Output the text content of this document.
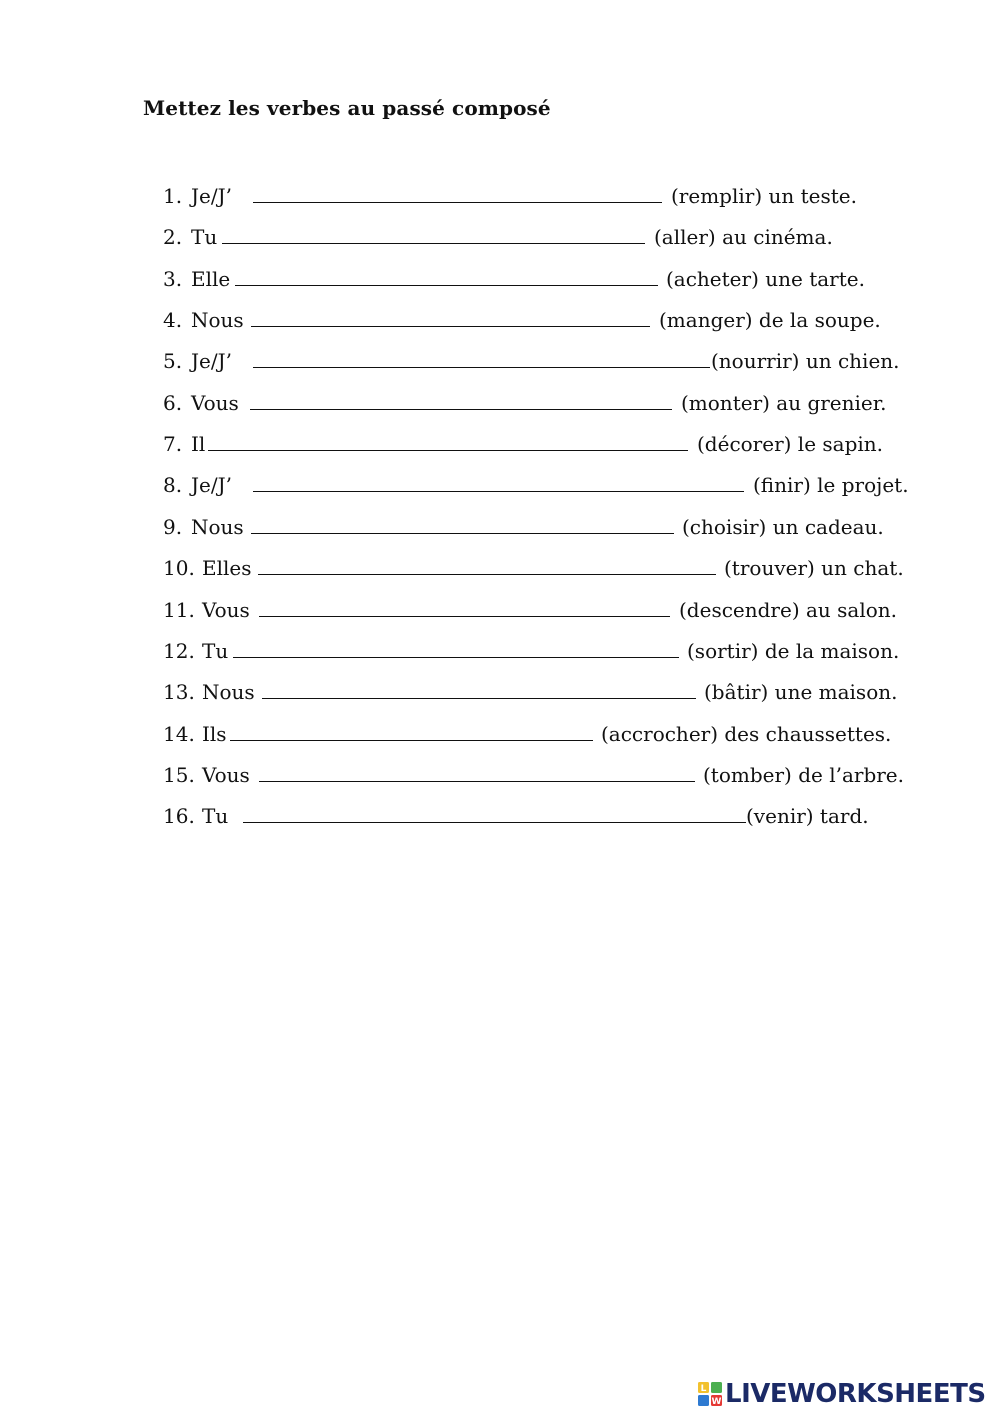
Mettez les verbes au passé composé
1. Je/J’	(remplir) un teste.
2. Tu	(aller) au cinéma.
3. Elle	(acheter) une tarte.
4. Nous	(manger) de la soupe.
5. Je/J’	(nourrir) un chien.
6. Vous	(monter) au grenier.
7. Il	(décorer) le sapin.
8. Je/J’	(finir) le projet.
9. Nous	(choisir) un cadeau.
10. Elles	(trouver) un chat.
11. Vous	(descendre) au salon.
12. Tu	(sortir) de la maison.
13. Nous	(bâtir) une maison.
14. Ils	(accrocher) des chaussettes.
15. Vous	(tomber) de l’arbre.
16. Tu	(venir) tard.
L
W LIVEWORKSHEETS
